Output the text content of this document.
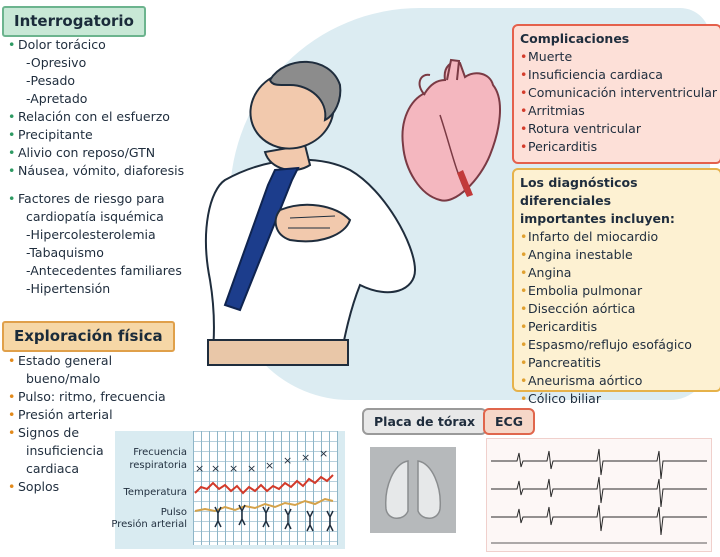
Interrogatorio
• Dolor torácico
-Opresivo
-Pesado
-Apretado
• Relación con el esfuerzo
• Precipitante
• Alivio con reposo/GTN
• Náusea, vómito, diaforesis
• Factores de riesgo para
cardiopatía isquémica
-Hipercolesterolemia
-Tabaquismo
-Antecedentes familiares
-Hipertensión
Exploración física
• Estado general
bueno/malo
• Pulso: ritmo, frecuencia
• Presión arterial
• Signos de
insuficiencia
cardiaca
• Soplos
Complicaciones
• Muerte
• Insuficiencia cardiaca
• Comunicación interventricular
• Arritmias
• Rotura ventricular
• Pericarditis
Los diagnósticos diferenciales
importantes incluyen:
• Infarto del miocardio
• Angina inestable
• Angina
• Embolia pulmonar
• Disección aórtica
• Pericarditis
• Espasmo/reflujo esofágico
• Pancreatitis
• Aneurisma aórtico
• Cólico biliar
Frecuencia
respiratoria
Temperatura
Pulso
Presión arterial
× × × × × × × ×
Placa de tórax	ECG
